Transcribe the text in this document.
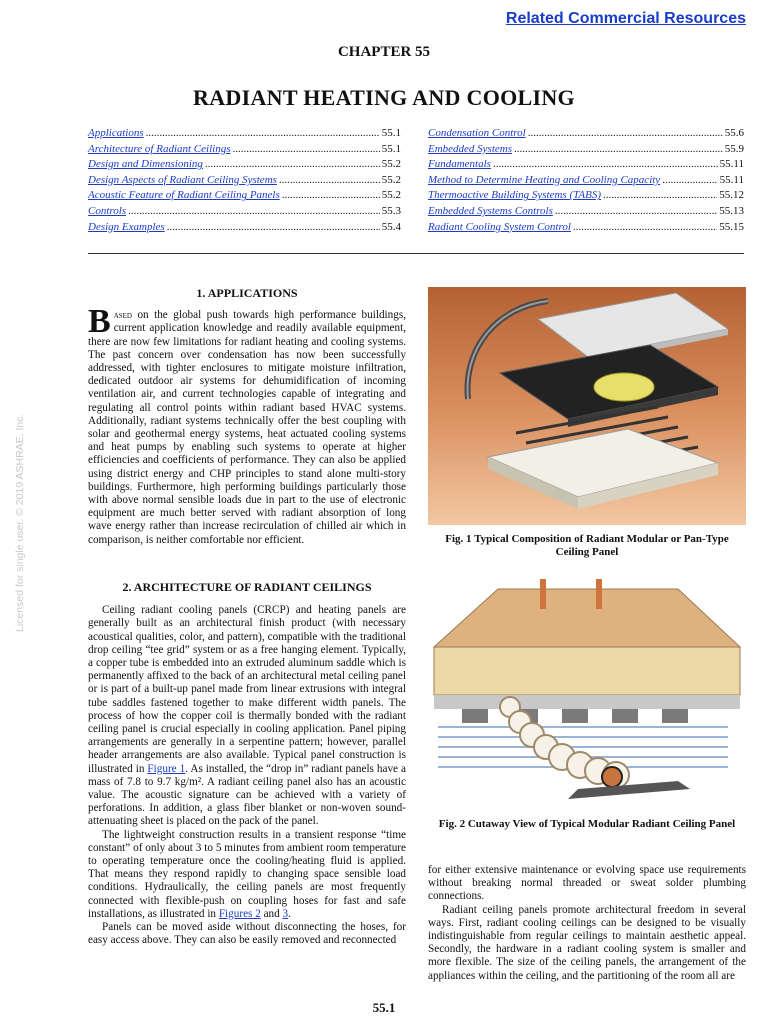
Related Commercial Resources
CHAPTER 55
RADIANT HEATING AND COOLING
Applications .....	55.1
Architecture of Radiant Ceilings .....	55.1
Design and Dimensioning .....	55.2
Design Aspects of Radiant Ceiling Systems .....	55.2
Acoustic Feature of Radiant Ceiling Panels .....	55.2
Controls .....	55.3
Design Examples .....	55.4
Condensation Control .....	55.6
Embedded Systems .....	55.9
Fundamentals .....	55.11
Method to Determine Heating and Cooling Capacity .....	55.11
Thermoactive Building Systems (TABS) .....	55.12
Embedded Systems Controls .....	55.13
Radiant Cooling System Control .....	55.15
Licensed for single user. © 2019 ASHRAE, Inc.
1. APPLICATIONS

Based on the global push towards high performance buildings, current application knowledge and readily available equipment, there are now few limitations for radiant heating and cooling systems. The past concern over condensation has now been successfully addressed, with tighter enclosures to mitigate moisture infiltration, dedicated outdoor air systems for dehumidification of incoming ventilation air, and current technologies capable of integrating and regulating all control points within radiant based HVAC systems. Additionally, radiant systems technically offer the best coupling with solar and geothermal energy systems, heat actuated cooling systems and heat pumps by enabling such systems to operate at higher efficiencies and coefficients of performance. They can also be applied using district energy and CHP principles to stand alone multi-story buildings. Furthermore, high performing buildings particularly those with above normal sensible loads due in part to the use of electronic equipment are much better served with radiant absorption of long wave energy rather than increase recirculation of chilled air which in comparison, is neither comfortable nor efficient.

2. ARCHITECTURE OF RADIANT CEILINGS

Ceiling radiant cooling panels (CRCP) and heating panels are generally built as an architectural finish product (with necessary acoustical qualities, color, and pattern), compatible with the traditional drop ceiling “tee grid” system or as a free hanging element. Typically, a copper tube is embedded into an extruded aluminum saddle which is permanently affixed to the back of an architectural metal ceiling panel or is part of a built-up panel made from linear extrusions with integral tube saddles fastened together to make different width panels. The process of how the copper coil is thermally bonded with the radiant ceiling panel is crucial especially in cooling application. Panel piping arrangements are generally in a serpentine pattern; however, parallel header arrangements are also available. Typical panel construction is illustrated in Figure 1. As installed, the “drop in” radiant panels have a mass of 7.8 to 9.7 kg/m². A radiant ceiling panel also has an acoustic value. The acoustic signature can be achieved with a variety of perforations. In addition, a glass fiber blanket or non-woven sound-attenuating sheet is placed on the pack of the panel.

The lightweight construction results in a transient response “time constant” of only about 3 to 5 minutes from ambient room temperature to operating temperature once the cooling/heating fluid is applied. That means they respond rapidly to changing space sensible load conditions. Hydraulically, the ceiling panels are most frequently connected with flexible-push on coupling hoses for fast and safe installations, as illustrated in Figures 2 and 3.

Panels can be moved aside without disconnecting the hoses, for easy access above. They can also be easily removed and reconnected

Fig. 1 Typical Composition of Radiant Modular or Pan-Type Ceiling Panel
Fig. 2 Cutaway View of Typical Modular Radiant Ceiling Panel

for either extensive maintenance or evolving space use requirements without breaking normal threaded or sweat solder plumbing connections.

Radiant ceiling panels promote architectural freedom in several ways. First, radiant cooling ceilings can be designed to be visually indistinguishable from regular ceilings to maintain aesthetic appeal. Secondly, the hardware in a radiant cooling system is smaller and more flexible. The size of the ceiling panels, the arrangement of the appliances within the ceiling, and the partitioning of the room all are

55.1
